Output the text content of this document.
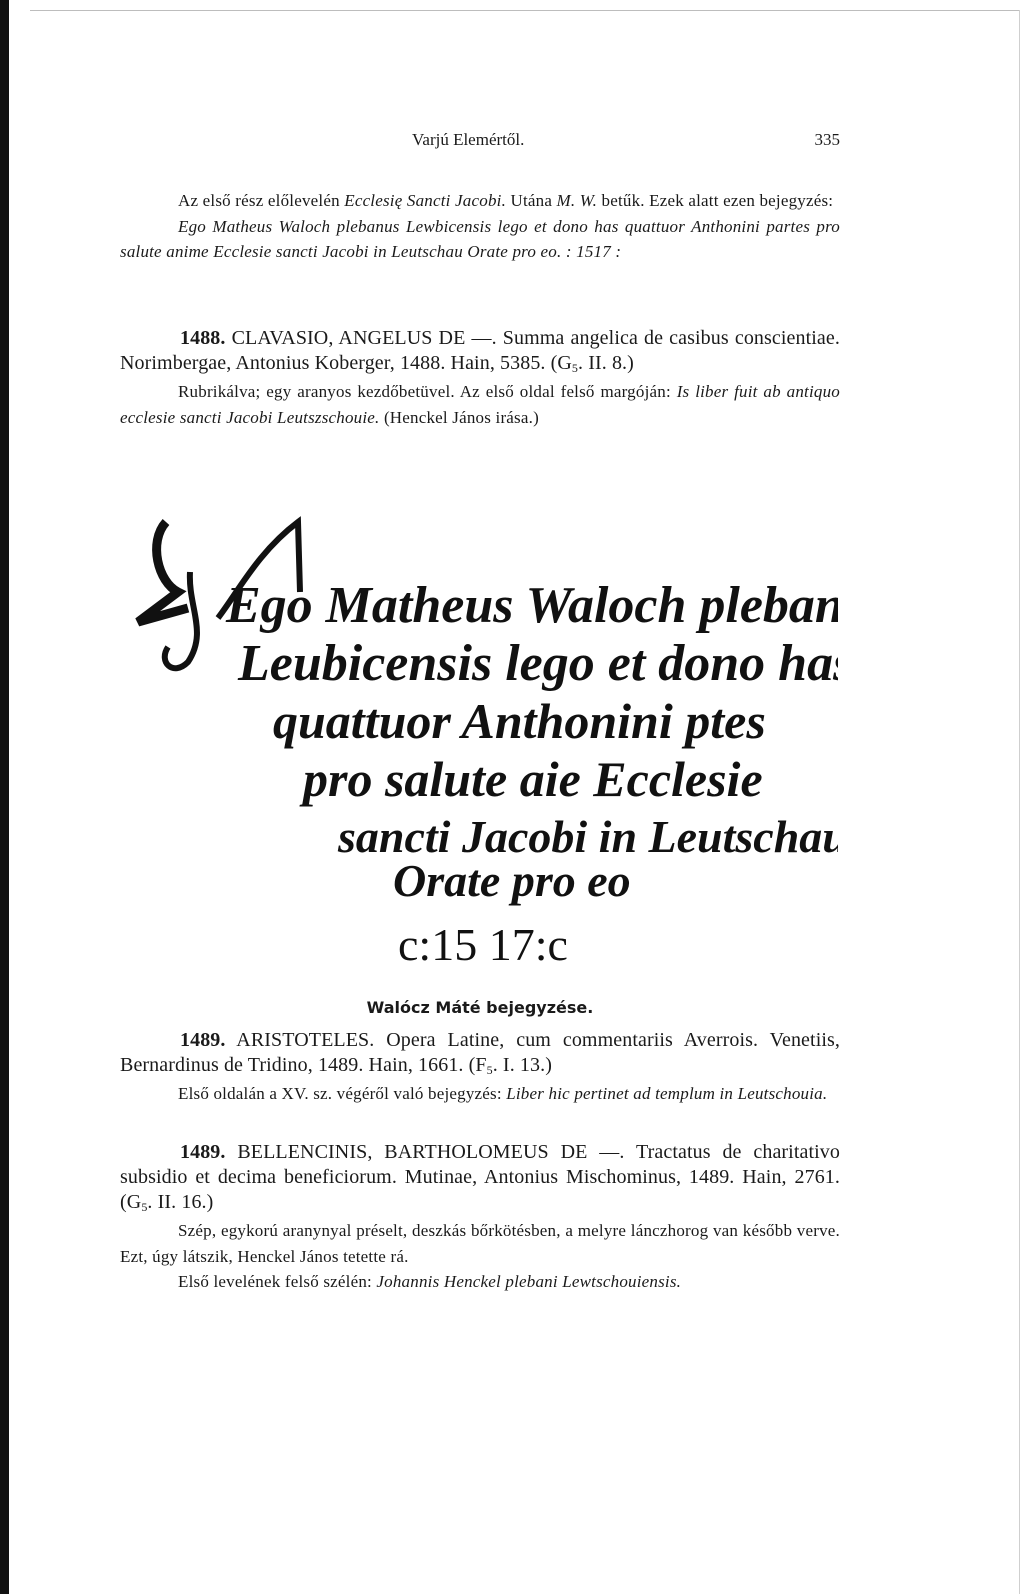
Varjú Elemértől.	335

Az első rész előlevelén Ecclesię Sancti Jacobi. Utána M. W. betűk. Ezek alatt ezen bejegyzés:

Ego Matheus Waloch plebanus Lewbicensis lego et dono has quattuor Anthonini partes pro salute anime Ecclesie sancti Jacobi in Leutschau Orate pro eo. : 1517 :

1488. CLAVASIO, ANGELUS DE —. Summa angelica de casibus conscientiae. Norimbergae, Antonius Koberger, 1488. Hain, 5385. ($G_5$. II. 8.)

Rubrikálva; egy aranyos kezdőbetüvel. Az első oldal felső margóján: Is liber fuit ab antiquo ecclesie sancti Jacobi Leutszschouie. (Henckel János irása.)

Ego Matheus Waloch plebanus
Leubicensis lego et dono has
quattuor Anthonini ptes
pro salute aie Ecclesie
sancti Jacobi in Leutschau
Orate pro eo
c:15 17:c
Walócz Máté bejegyzése.

1489. ARISTOTELES. Opera Latine, cum commentariis Averrois. Venetiis, Bernardinus de Tridino, 1489. Hain, 1661. ($F_5$. I. 13.)

Első oldalán a XV. sz. végéről való bejegyzés: Liber hic pertinet ad templum in Leutschouia.

1489. BELLENCINIS, BARTHOLOMEUS DE —. Tractatus de charitativo subsidio et decima beneficiorum. Mutinae, Antonius Mischominus, 1489. Hain, 2761. ($G_5$. II. 16.)

Szép, egykorú aranynyal préselt, deszkás bőrkötésben, a melyre lánczhorog van később verve. Ezt, úgy látszik, Henckel János tetette rá.

Első levelének felső szélén: Johannis Henckel plebani Lewtschouiensis.
